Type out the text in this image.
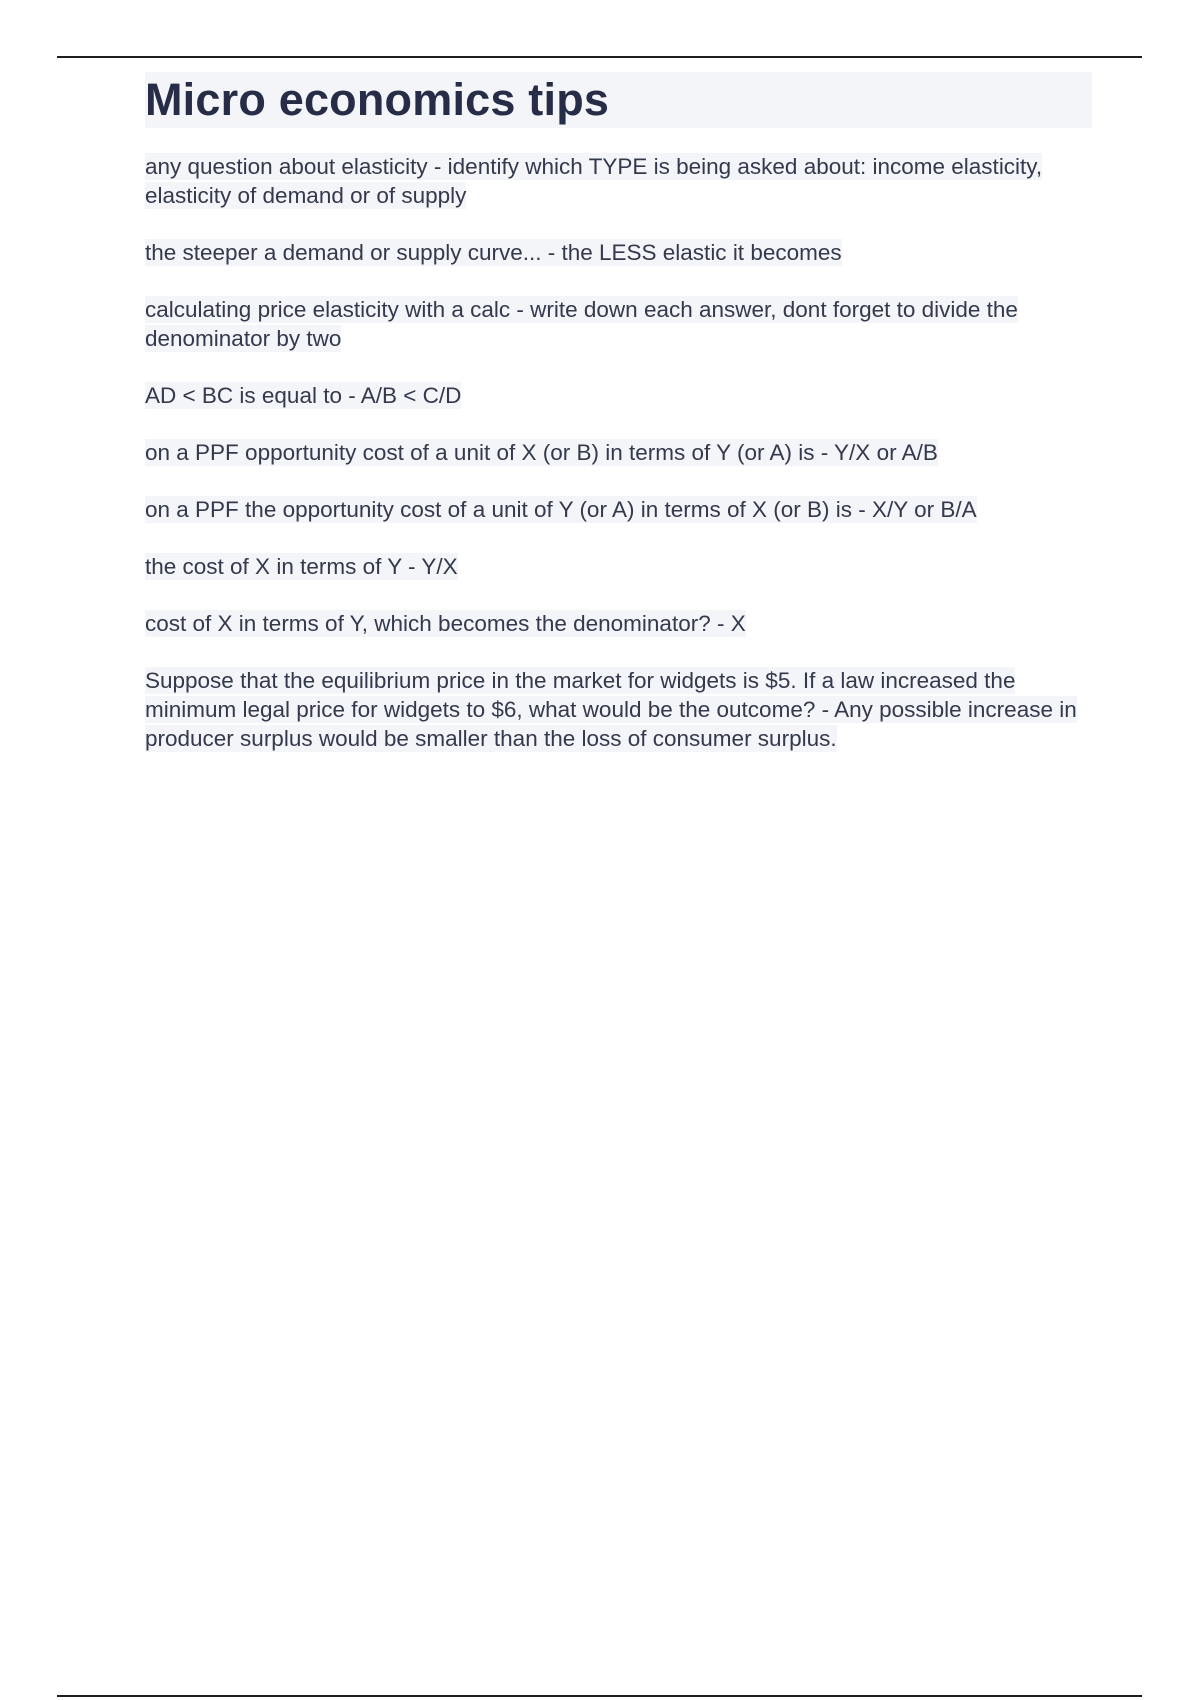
Micro economics tips
any question about elasticity - identify which TYPE is being asked about: income elasticity, elasticity of demand or of supply
the steeper a demand or supply curve... - the LESS elastic it becomes
calculating price elasticity with a calc - write down each answer, dont forget to divide the denominator by two
AD < BC is equal to - A/B < C/D
on a PPF opportunity cost of a unit of X (or B) in terms of Y (or A) is - Y/X or A/B
on a PPF the opportunity cost of a unit of Y (or A) in terms of X (or B) is - X/Y or B/A
the cost of X in terms of Y - Y/X
cost of X in terms of Y, which becomes the denominator? - X
Suppose that the equilibrium price in the market for widgets is $5. If a law increased the minimum legal price for widgets to $6, what would be the outcome? - Any possible increase in producer surplus would be smaller than the loss of consumer surplus.
